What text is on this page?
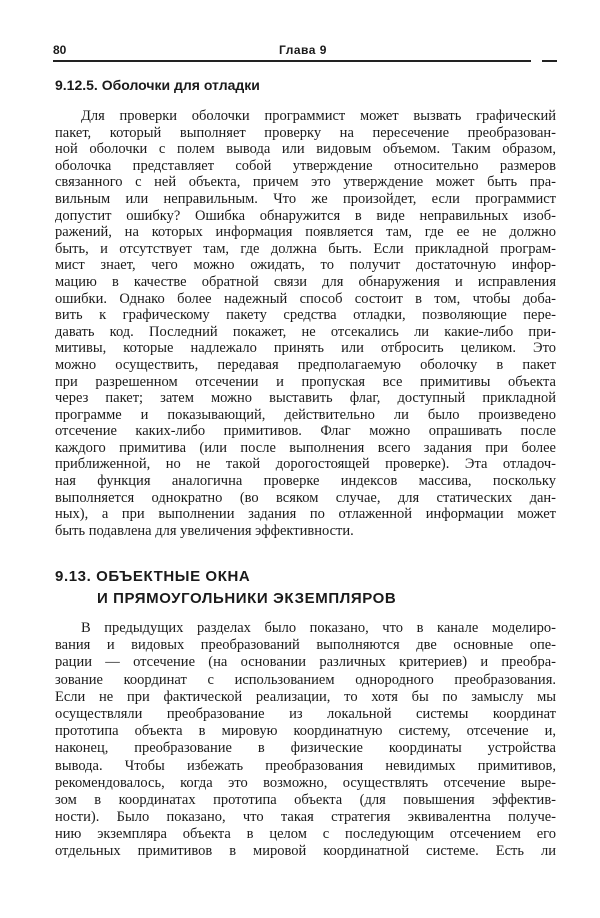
80	Глава 9
9.12.5. Оболочки для отладки
Для проверки оболочки программист может вызвать графический
пакет, который выполняет проверку на пересечение преобразован-
ной оболочки с полем вывода или видовым объемом. Таким образом,
оболочка представляет собой утверждение относительно размеров
связанного с ней объекта, причем это утверждение может быть пра-
вильным или неправильным. Что же произойдет, если программист
допустит ошибку? Ошибка обнаружится в виде неправильных изоб-
ражений, на которых информация появляется там, где ее не должно
быть, и отсутствует там, где должна быть. Если прикладной програм-
мист знает, чего можно ожидать, то получит достаточную инфор-
мацию в качестве обратной связи для обнаружения и исправления
ошибки. Однако более надежный способ состоит в том, чтобы доба-
вить к графическому пакету средства отладки, позволяющие пере-
давать код. Последний покажет, не отсекались ли какие-либо при-
митивы, которые надлежало принять или отбросить целиком. Это
можно осуществить, передавая предполагаемую оболочку в пакет
при разрешенном отсечении и пропуская все примитивы объекта
через пакет; затем можно выставить флаг, доступный прикладной
программе и показывающий, действительно ли было произведено
отсечение каких-либо примитивов. Флаг можно опрашивать после
каждого примитива (или после выполнения всего задания при более
приближенной, но не такой дорогостоящей проверке). Эта отладоч-
ная функция аналогична проверке индексов массива, поскольку
выполняется однократно (во всяком случае, для статических дан-
ных), а при выполнении задания по отлаженной информации может
быть подавлена для увеличения эффективности.
9.13. ОБЪЕКТНЫЕ ОКНА
И ПРЯМОУГОЛЬНИКИ ЭКЗЕМПЛЯРОВ
В предыдущих разделах было показано, что в канале моделиро-
вания и видовых преобразований выполняются две основные опе-
рации — отсечение (на основании различных критериев) и преобра-
зование координат с использованием однородного преобразования.
Если не при фактической реализации, то хотя бы по замыслу мы
осуществляли преобразование из локальной системы координат
прототипа объекта в мировую координатную систему, отсечение и,
наконец, преобразование в физические координаты устройства
вывода. Чтобы избежать преобразования невидимых примитивов,
рекомендовалось, когда это возможно, осуществлять отсечение выре-
зом в координатах прототипа объекта (для повышения эффектив-
ности). Было показано, что такая стратегия эквивалентна получе-
нию экземпляра объекта в целом с последующим отсечением его
отдельных примитивов в мировой координатной системе. Есть ли
